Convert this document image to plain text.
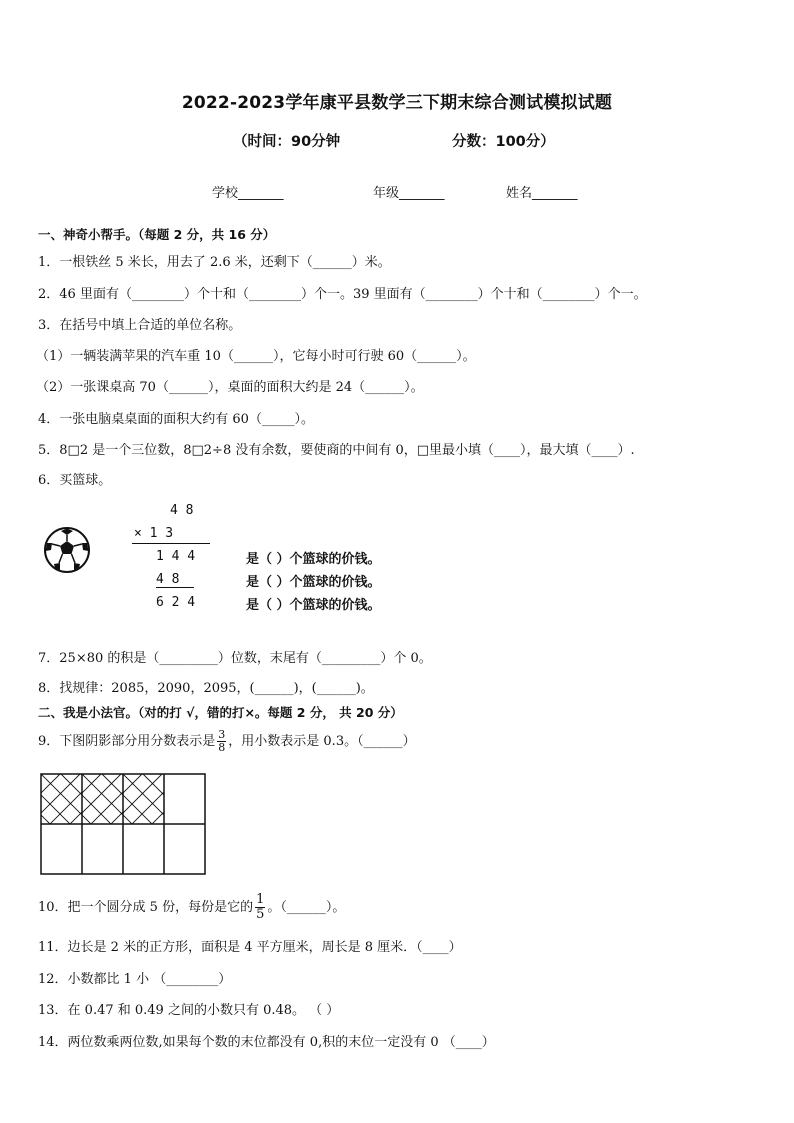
2022-2023学年康平县数学三下期末综合测试模拟试题
（时间：90分钟	分数：100分）
学校_______	年级_______	姓名_______
一、神奇小帮手。（每题 2 分，共 16 分）
1．一根铁丝 5 米长，用去了 2.6 米，还剩下（______）米。
2．46 里面有（________）个十和（________）个一。39 里面有（________）个十和（________）个一。
3．在括号中填上合适的单位名称。
（1）一辆装满苹果的汽车重 10（______），它每小时可行驶 60（______）。
（2）一张课桌高 70（______），桌面的面积大约是 24（______）。
4．一张电脑桌桌面的面积大约有 60（_____）。
5．8□2 是一个三位数，8□2÷8 没有余数，要使商的中间有 0，□里最小填（____），最大填（____）.
6．买篮球。
4 8
× 1 3
1 4 4
4 8
6 2 4
是（ ）个篮球的价钱。
是（ ）个篮球的价钱。
是（ ）个篮球的价钱。
7．25×80 的积是（_________）位数，末尾有（_________）个 0。
8．找规律：2085，2090，2095，(______)，(______)。
二、我是小法官。（对的打 √，错的打×。每题 2 分， 共 20 分）
9．下图阴影部分用分数表示是 $\frac{3}{8}$ ，用小数表示是 0.3。（______）
10．把一个圆分成 5 份，每份是它的 $\frac{1}{5}$ 。（______）。
11．边长是 2 米的正方形，面积是 4 平方厘米，周长是 8 厘米．（____）
12．小数都比 1 小 （________）
13．在 0.47 和 0.49 之间的小数只有 0.48。 （ ）
14．两位数乘两位数,如果每个数的末位都没有 0,积的末位一定没有 0 （____）
